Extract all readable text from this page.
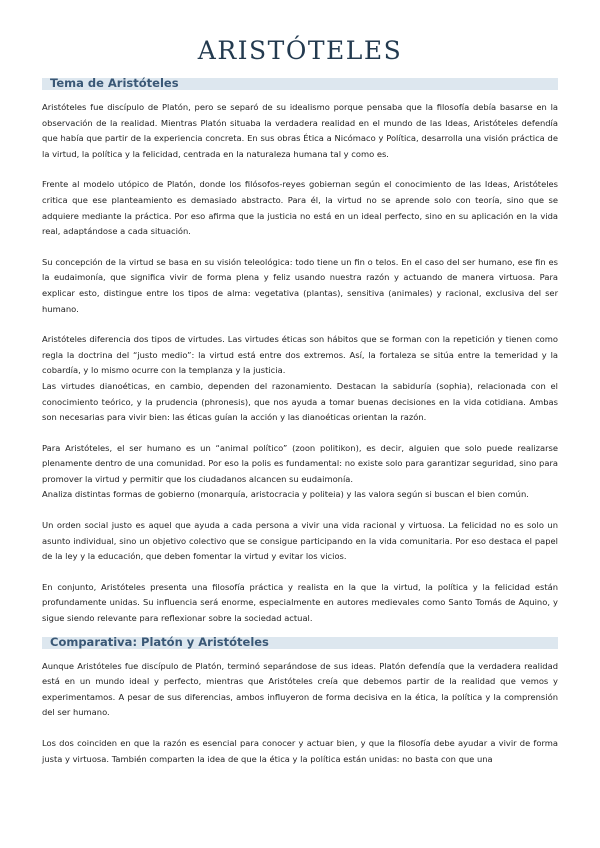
ARISTÓTELES
Tema de Aristóteles

Aristóteles fue discípulo de Platón, pero se separó de su idealismo porque pensaba que la filosofía debía basarse en la observación de la realidad. Mientras Platón situaba la verdadera realidad en el mundo de las Ideas, Aristóteles defendía que había que partir de la experiencia concreta. En sus obras Ética a Nicómaco y Política, desarrolla una visión práctica de la virtud, la política y la felicidad, centrada en la naturaleza humana tal y como es.

Frente al modelo utópico de Platón, donde los filósofos-reyes gobiernan según el conocimiento de las Ideas, Aristóteles critica que ese planteamiento es demasiado abstracto. Para él, la virtud no se aprende solo con teoría, sino que se adquiere mediante la práctica. Por eso afirma que la justicia no está en un ideal perfecto, sino en su aplicación en la vida real, adaptándose a cada situación.

Su concepción de la virtud se basa en su visión teleológica: todo tiene un fin o telos. En el caso del ser humano, ese fin es la eudaimonía, que significa vivir de forma plena y feliz usando nuestra razón y actuando de manera virtuosa. Para explicar esto, distingue entre los tipos de alma: vegetativa (plantas), sensitiva (animales) y racional, exclusiva del ser humano.

Aristóteles diferencia dos tipos de virtudes. Las virtudes éticas son hábitos que se forman con la repetición y tienen como regla la doctrina del “justo medio”: la virtud está entre dos extremos. Así, la fortaleza se sitúa entre la temeridad y la cobardía, y lo mismo ocurre con la templanza y la justicia.

Las virtudes dianoéticas, en cambio, dependen del razonamiento. Destacan la sabiduría (sophia), relacionada con el conocimiento teórico, y la prudencia (phronesis), que nos ayuda a tomar buenas decisiones en la vida cotidiana. Ambas son necesarias para vivir bien: las éticas guían la acción y las dianoéticas orientan la razón.

Para Aristóteles, el ser humano es un “animal político” (zoon politikon), es decir, alguien que solo puede realizarse plenamente dentro de una comunidad. Por eso la polis es fundamental: no existe solo para garantizar seguridad, sino para promover la virtud y permitir que los ciudadanos alcancen su eudaimonía.

Analiza distintas formas de gobierno (monarquía, aristocracia y politeia) y las valora según si buscan el bien común.

Un orden social justo es aquel que ayuda a cada persona a vivir una vida racional y virtuosa. La felicidad no es solo un asunto individual, sino un objetivo colectivo que se consigue participando en la vida comunitaria. Por eso destaca el papel de la ley y la educación, que deben fomentar la virtud y evitar los vicios.

En conjunto, Aristóteles presenta una filosofía práctica y realista en la que la virtud, la política y la felicidad están profundamente unidas. Su influencia será enorme, especialmente en autores medievales como Santo Tomás de Aquino, y sigue siendo relevante para reflexionar sobre la sociedad actual.

Comparativa: Platón y Aristóteles

Aunque Aristóteles fue discípulo de Platón, terminó separándose de sus ideas. Platón defendía que la verdadera realidad está en un mundo ideal y perfecto, mientras que Aristóteles creía que debemos partir de la realidad que vemos y experimentamos. A pesar de sus diferencias, ambos influyeron de forma decisiva en la ética, la política y la comprensión del ser humano.

Los dos coinciden en que la razón es esencial para conocer y actuar bien, y que la filosofía debe ayudar a vivir de forma justa y virtuosa. También comparten la idea de que la ética y la política están unidas: no basta con que una
